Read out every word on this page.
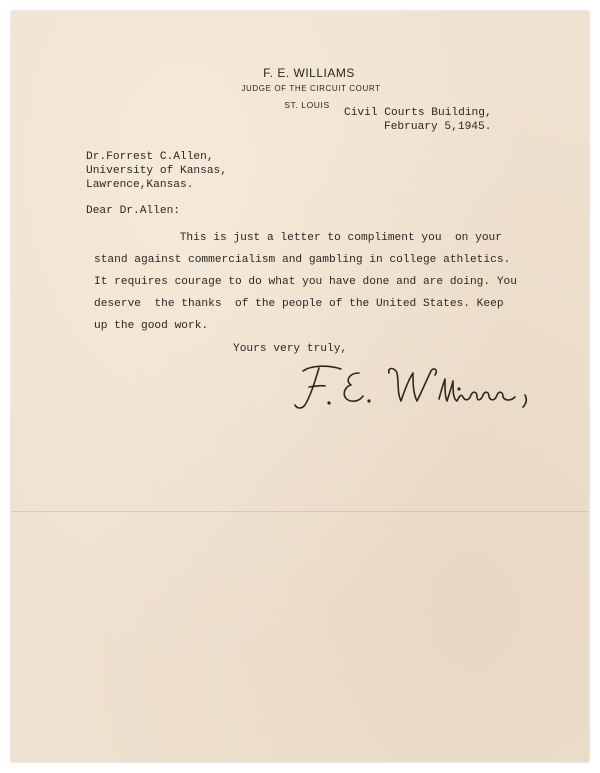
F. E. WILLIAMS
JUDGE OF THE CIRCUIT COURT
ST. LOUIS
Civil Courts Building,
February 5,1945.
Dr.Forrest C.Allen,
University of Kansas,
Lawrence,Kansas.
Dear Dr.Allen:
This is just a letter to compliment you  on your
stand against commercialism and gambling in college athletics.
It requires courage to do what you have done and are doing. You
deserve  the thanks  of the people of the United States. Keep
up the good work.
Yours very truly,
